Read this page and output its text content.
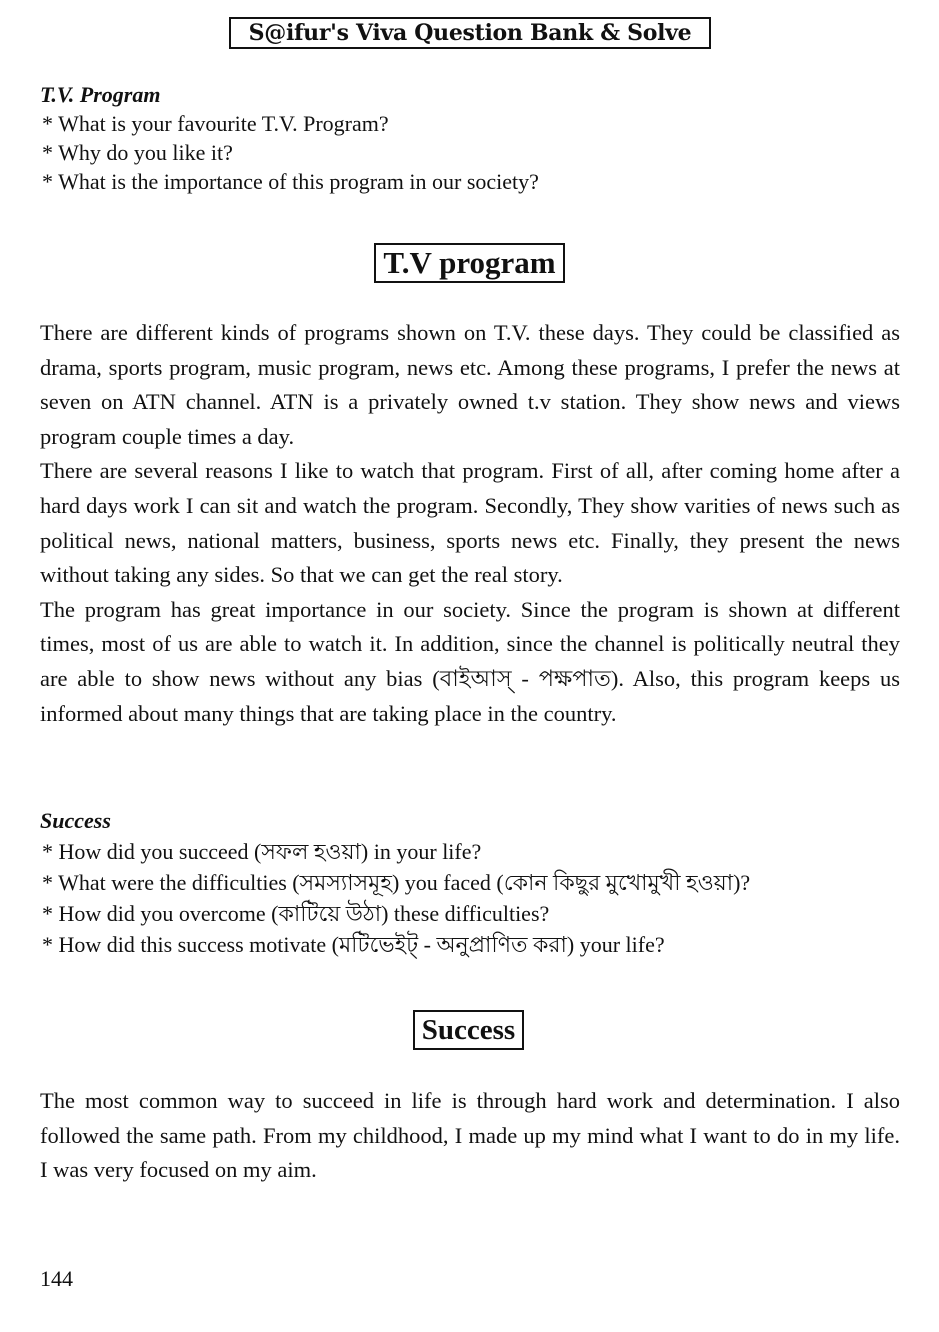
S@ifur's Viva Question Bank & Solve
T.V. Program
* What is your favourite T.V. Program?
* Why do you like it?
* What is the importance of this program in our society?
T.V program

There are different kinds of programs shown on T.V. these days. They could be classified as drama, sports program, music program, news etc. Among these programs, I prefer the news at seven on ATN channel. ATN is a privately owned t.v station. They show news and views program couple times a day.

There are several reasons I like to watch that program. First of all, after coming home after a hard days work I can sit and watch the program. Secondly, They show varities of news such as political news, national matters, business, sports news etc. Finally, they present the news without taking any sides. So that we can get the real story.

The program has great importance in our society. Since the program is shown at different times, most of us are able to watch it. In addition, since the channel is politically neutral they are able to show news without any bias (বাইআস্ - পক্ষপাত). Also, this program keeps us informed about many things that are taking place in the country.

Success
* How did you succeed (সফল হওয়া) in your life?
* What were the difficulties (সমস্যাসমূহ) you faced (কোন কিছুর মুখোমুখী হওয়া)?
* How did you overcome (কাটিয়ে উঠা) these difficulties?
* How did this success motivate (মটিভেইট্ - অনুপ্রাণিত করা) your life?
Success

The most common way to succeed in life is through hard work and determination. I also followed the same path. From my childhood, I made up my mind what I want to do in my life. I was very focused on my aim.

144
